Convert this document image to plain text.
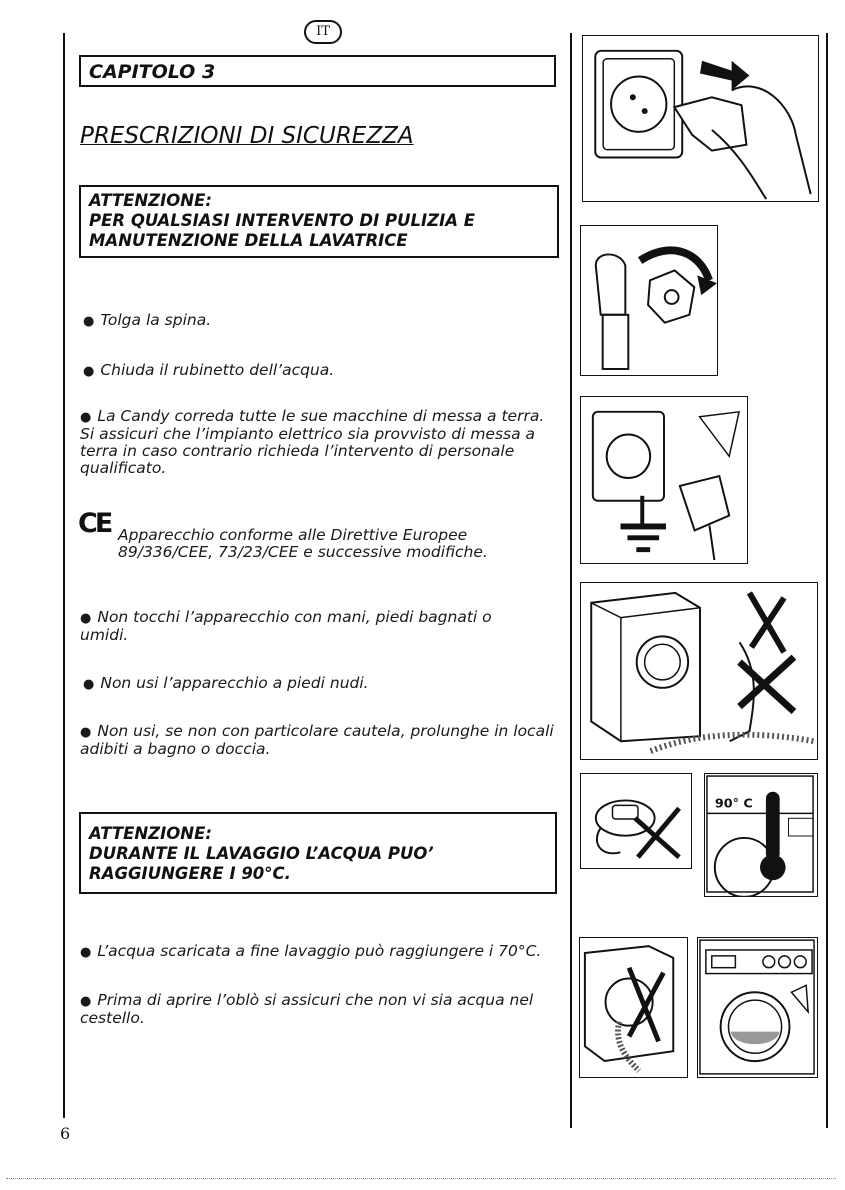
IT
CAPITOLO 3
PRESCRIZIONI DI SICUREZZA
ATTENZIONE:
PER QUALSIASI INTERVENTO DI PULIZIA E
MANUTENZIONE DELLA LAVATRICE
● Tolga la spina.
● Chiuda il rubinetto dell’acqua.
● La Candy correda tutte le sue macchine di messa a terra.
Si assicuri che l’impianto elettrico sia provvisto di messa a
terra in caso contrario richieda l’intervento di personale
qualificato.
CE Apparecchio conforme alle Direttive Europee
89/336/CEE, 73/23/CEE e successive modifiche.
● Non tocchi l’apparecchio con mani, piedi bagnati o
umidi.
● Non usi l’apparecchio a piedi nudi.
● Non usi, se non con particolare cautela, prolunghe in locali
adibiti a bagno o doccia.
ATTENZIONE:
DURANTE IL LAVAGGIO L’ACQUA PUO’
RAGGIUNGERE I 90°C.
● L’acqua scaricata a fine lavaggio può raggiungere i 70°C.
● Prima di aprire l’oblò si assicuri che non vi sia acqua nel
cestello.
90° C
6
